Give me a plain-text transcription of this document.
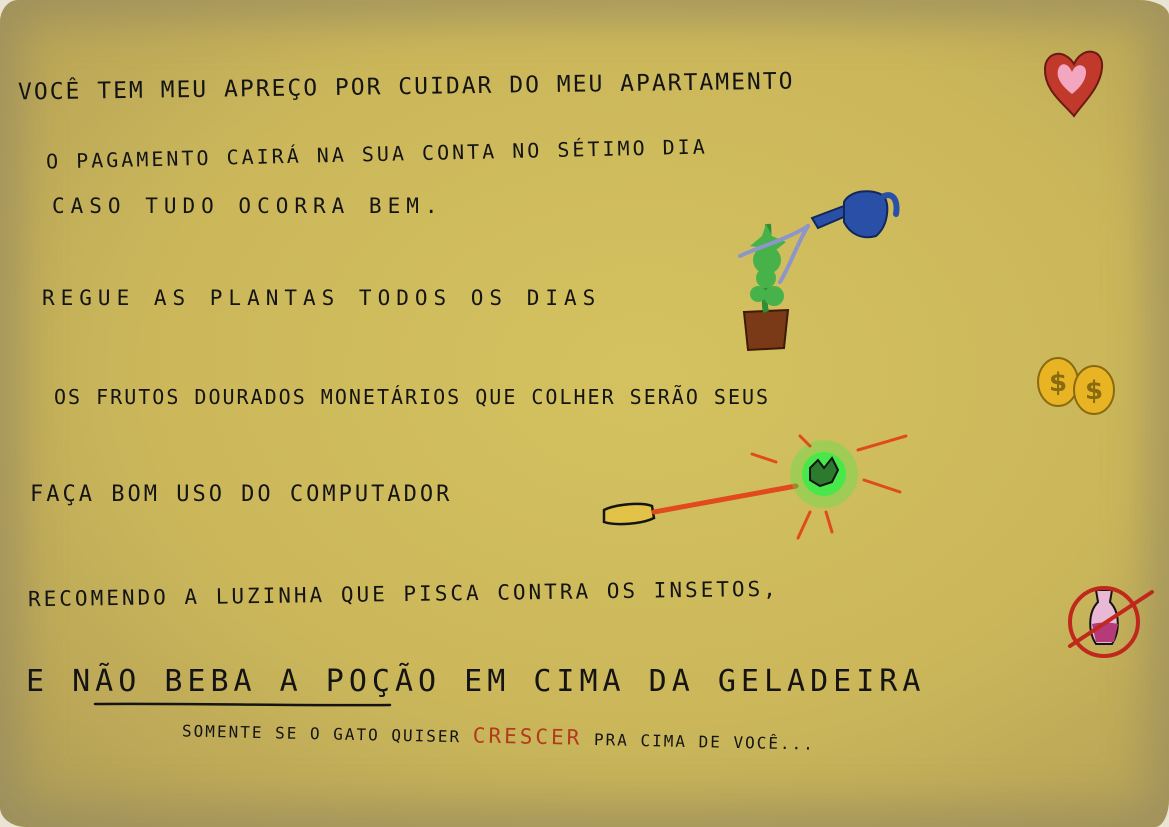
VOCÊ TEM MEU APREÇO POR CUIDAR DO MEU APARTAMENTO

O PAGAMENTO CAIRÁ NA SUA CONTA NO SÉTIMO DIA

CASO TUDO OCORRA BEM.

REGUE AS PLANTAS TODOS OS DIAS

OS FRUTOS DOURADOS MONETÁRIOS QUE COLHER SERÃO SEUS

FAÇA BOM USO DO COMPUTADOR

RECOMENDO A LUZINHA QUE PISCA CONTRA OS INSETOS,

E NÃO BEBA A POÇÃO EM CIMA DA GELADEIRA

SOMENTE SE O GATO QUISER CRESCER PRA CIMA DE VOCÊ...

$ $
